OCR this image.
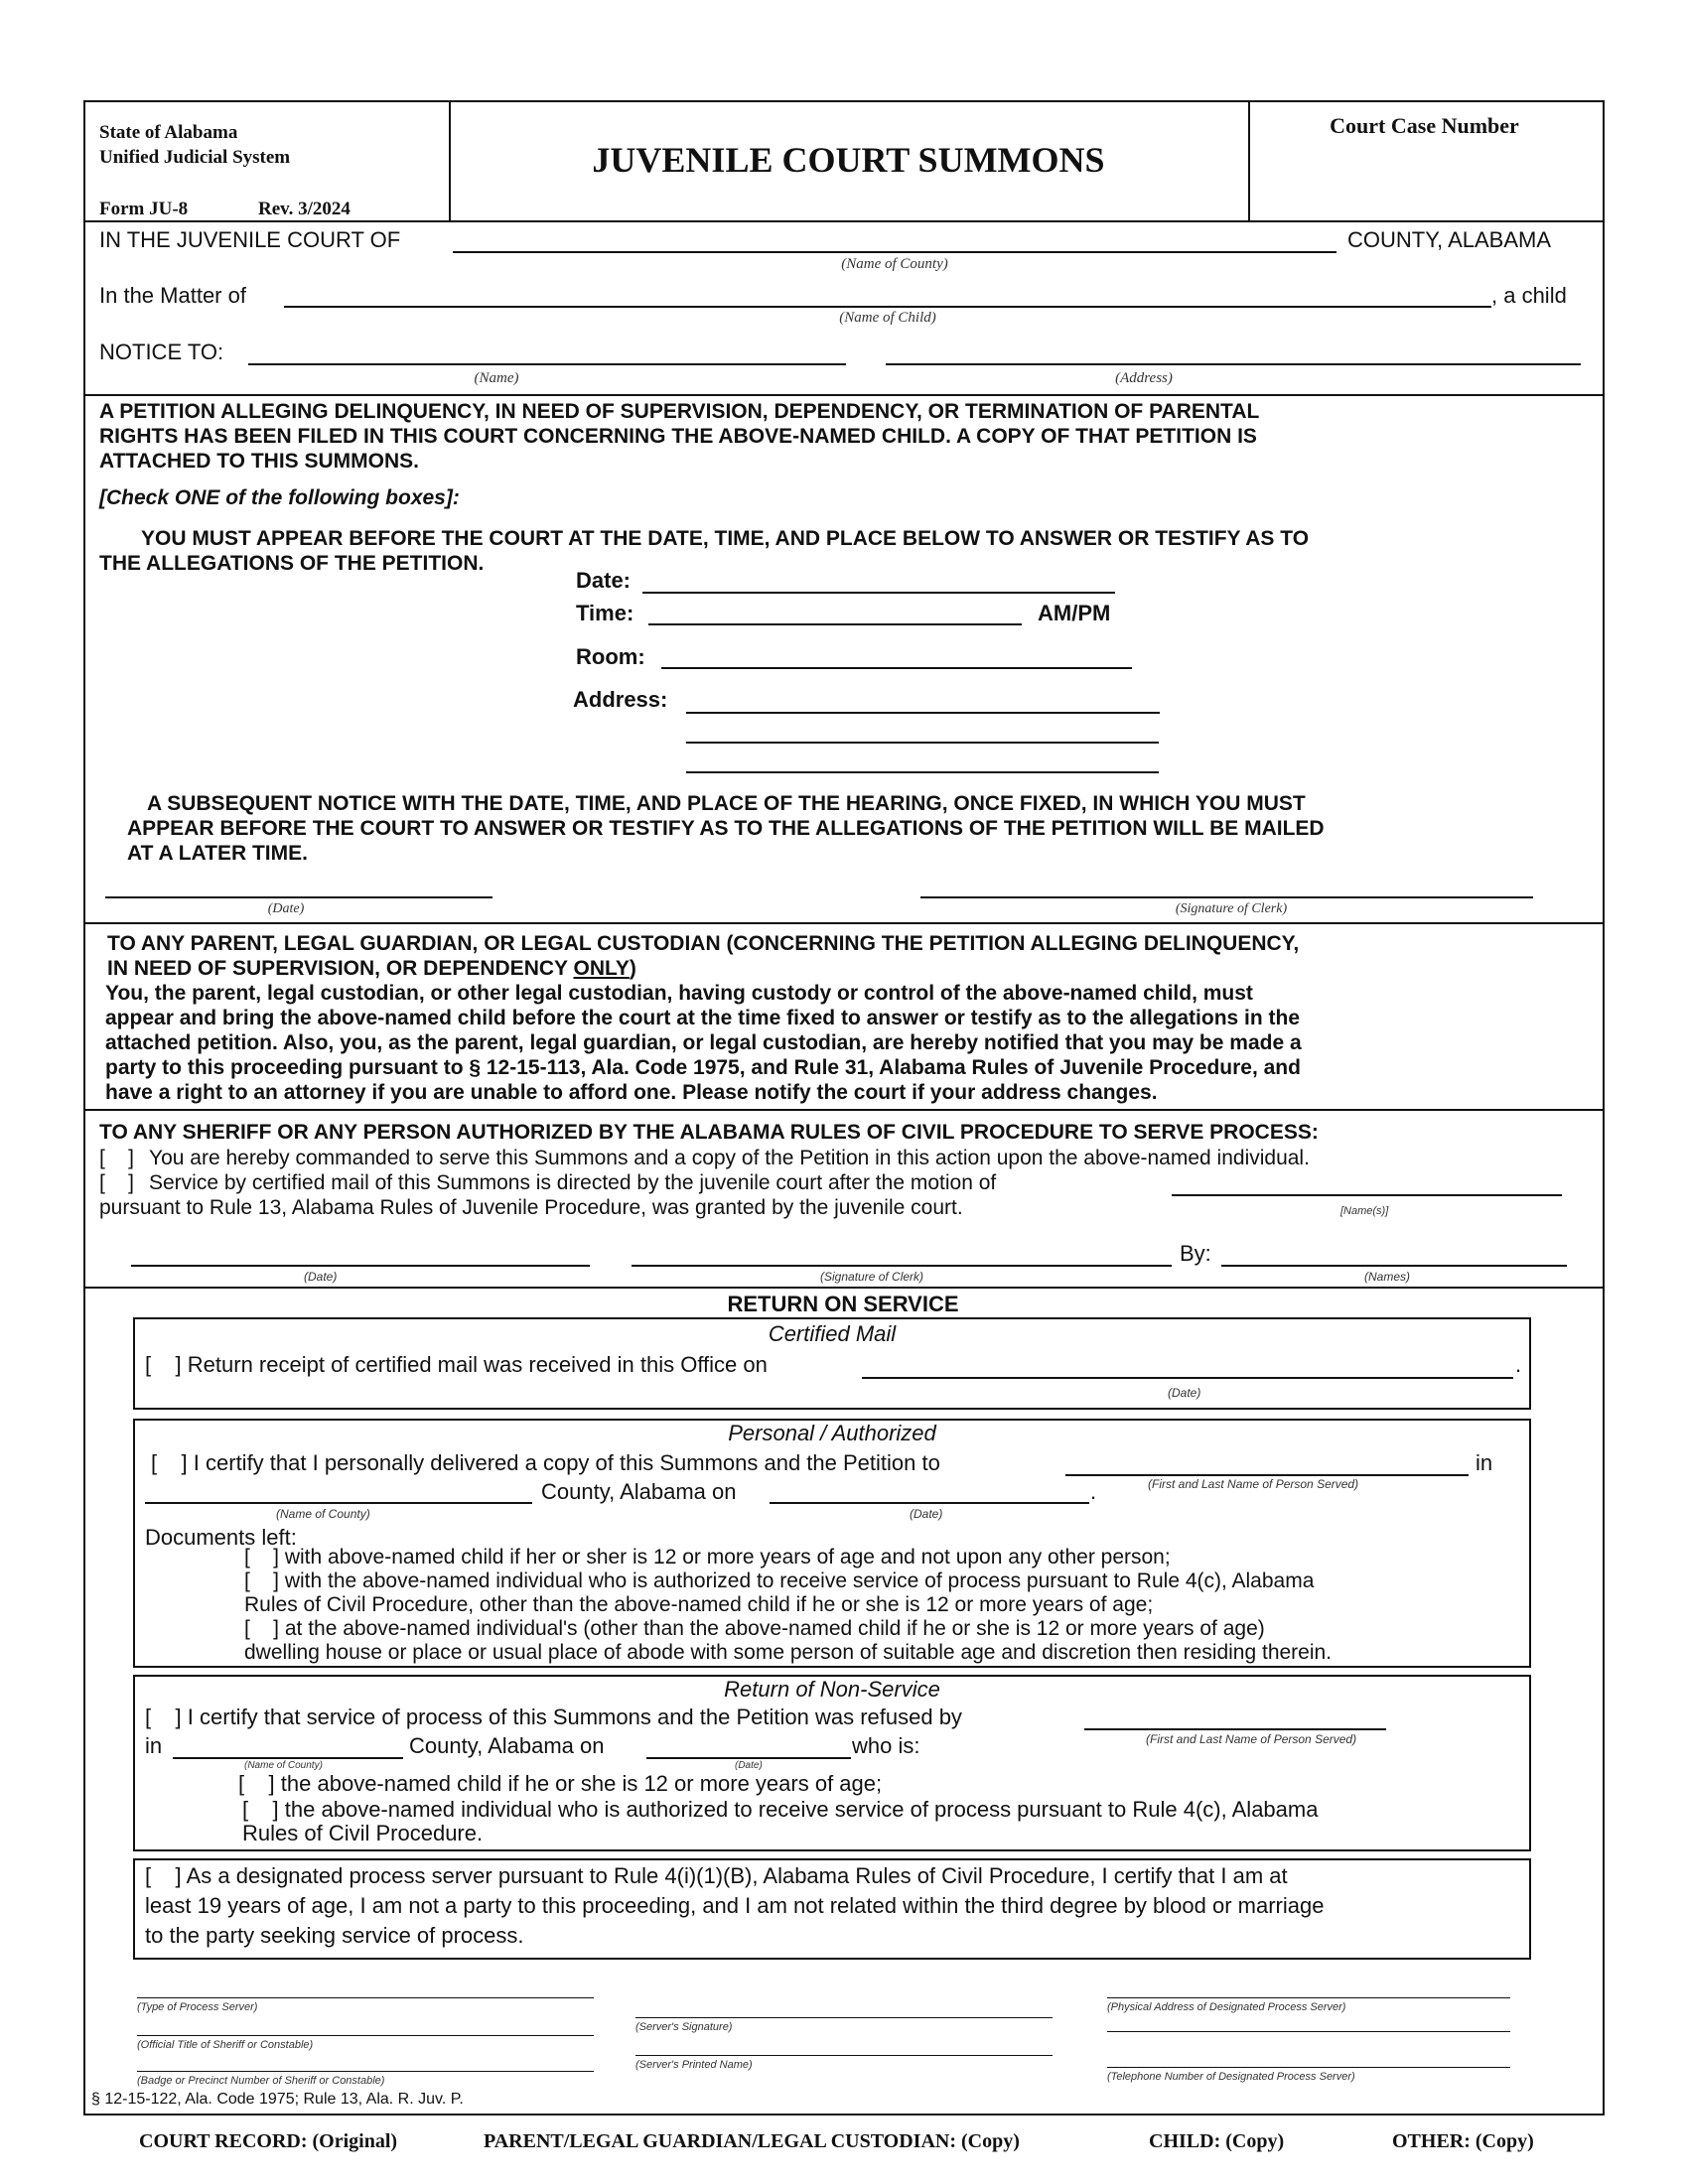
State of Alabama
Unified Judicial System
Form JU-8	Rev. 3/2024
JUVENILE COURT SUMMONS
Court Case Number
IN THE JUVENILE COURT OF	COUNTY, ALABAMA
(Name of County)
In the Matter of	, a child
(Name of Child)
NOTICE TO:
(Name)	(Address)
A PETITION ALLEGING DELINQUENCY, IN NEED OF SUPERVISION, DEPENDENCY, OR TERMINATION OF PARENTAL
RIGHTS HAS BEEN FILED IN THIS COURT CONCERNING THE ABOVE-NAMED CHILD. A COPY OF THAT PETITION IS
ATTACHED TO THIS SUMMONS.
[Check ONE of the following boxes]:
YOU MUST APPEAR BEFORE THE COURT AT THE DATE, TIME, AND PLACE BELOW TO ANSWER OR TESTIFY AS TO
THE ALLEGATIONS OF THE PETITION.
Date:
Time:	AM/PM
Room:
Address:
A SUBSEQUENT NOTICE WITH THE DATE, TIME, AND PLACE OF THE HEARING, ONCE FIXED, IN WHICH YOU MUST
APPEAR BEFORE THE COURT TO ANSWER OR TESTIFY AS TO THE ALLEGATIONS OF THE PETITION WILL BE MAILED
AT A LATER TIME.
(Date)	(Signature of Clerk)
TO ANY PARENT, LEGAL GUARDIAN, OR LEGAL CUSTODIAN (CONCERNING THE PETITION ALLEGING DELINQUENCY,
IN NEED OF SUPERVISION, OR DEPENDENCY ONLY)
You, the parent, legal custodian, or other legal custodian, having custody or control of the above-named child, must
appear and bring the above-named child before the court at the time fixed to answer or testify as to the allegations in the
attached petition. Also, you, as the parent, legal guardian, or legal custodian, are hereby notified that you may be made a
party to this proceeding pursuant to § 12-15-113, Ala. Code 1975, and Rule 31, Alabama Rules of Juvenile Procedure, and
have a right to an attorney if you are unable to afford one. Please notify the court if your address changes.
TO ANY SHERIFF OR ANY PERSON AUTHORIZED BY THE ALABAMA RULES OF CIVIL PROCEDURE TO SERVE PROCESS:
[    ] You are hereby commanded to serve this Summons and a copy of the Petition in this action upon the above-named individual.
[    ] Service by certified mail of this Summons is directed by the juvenile court after the motion of
pursuant to Rule 13, Alabama Rules of Juvenile Procedure, was granted by the juvenile court.	[Name(s)]
By:
(Date)	(Signature of Clerk)	(Names)
RETURN ON SERVICE
Certified Mail
[    ] Return receipt of certified mail was received in this Office on	.
(Date)
Personal / Authorized
[    ] I certify that I personally delivered a copy of this Summons and the Petition to	in
(First and Last Name of Person Served)
County, Alabama on	.
(Name of County)	(Date)
Documents left:
[    ] with above-named child if her or sher is 12 or more years of age and not upon any other person;
[    ] with the above-named individual who is authorized to receive service of process pursuant to Rule 4(c), Alabama
Rules of Civil Procedure, other than the above-named child if he or she is 12 or more years of age;
[    ] at the above-named individual's (other than the above-named child if he or she is 12 or more years of age)
dwelling house or place or usual place of abode with some person of suitable age and discretion then residing therein.
Return of Non-Service
[    ] I certify that service of process of this Summons and the Petition was refused by
(First and Last Name of Person Served)
in	County, Alabama on	who is:
(Name of County)	(Date)
[    ] the above-named child if he or she is 12 or more years of age;
[    ] the above-named individual who is authorized to receive service of process pursuant to Rule 4(c), Alabama
Rules of Civil Procedure.
[    ] As a designated process server pursuant to Rule 4(i)(1)(B), Alabama Rules of Civil Procedure, I certify that I am at
least 19 years of age, I am not a party to this proceeding, and I am not related within the third degree by blood or marriage
to the party seeking service of process.
(Type of Process Server)
(Official Title of Sheriff or Constable)
(Badge or Precinct Number of Sheriff or Constable)
(Server's Signature)
(Server's Printed Name)
(Physical Address of Designated Process Server)
(Telephone Number of Designated Process Server)
§ 12-15-122, Ala. Code 1975; Rule 13, Ala. R. Juv. P.
COURT RECORD: (Original)	PARENT/LEGAL GUARDIAN/LEGAL CUSTODIAN: (Copy)	CHILD: (Copy)	OTHER: (Copy)
